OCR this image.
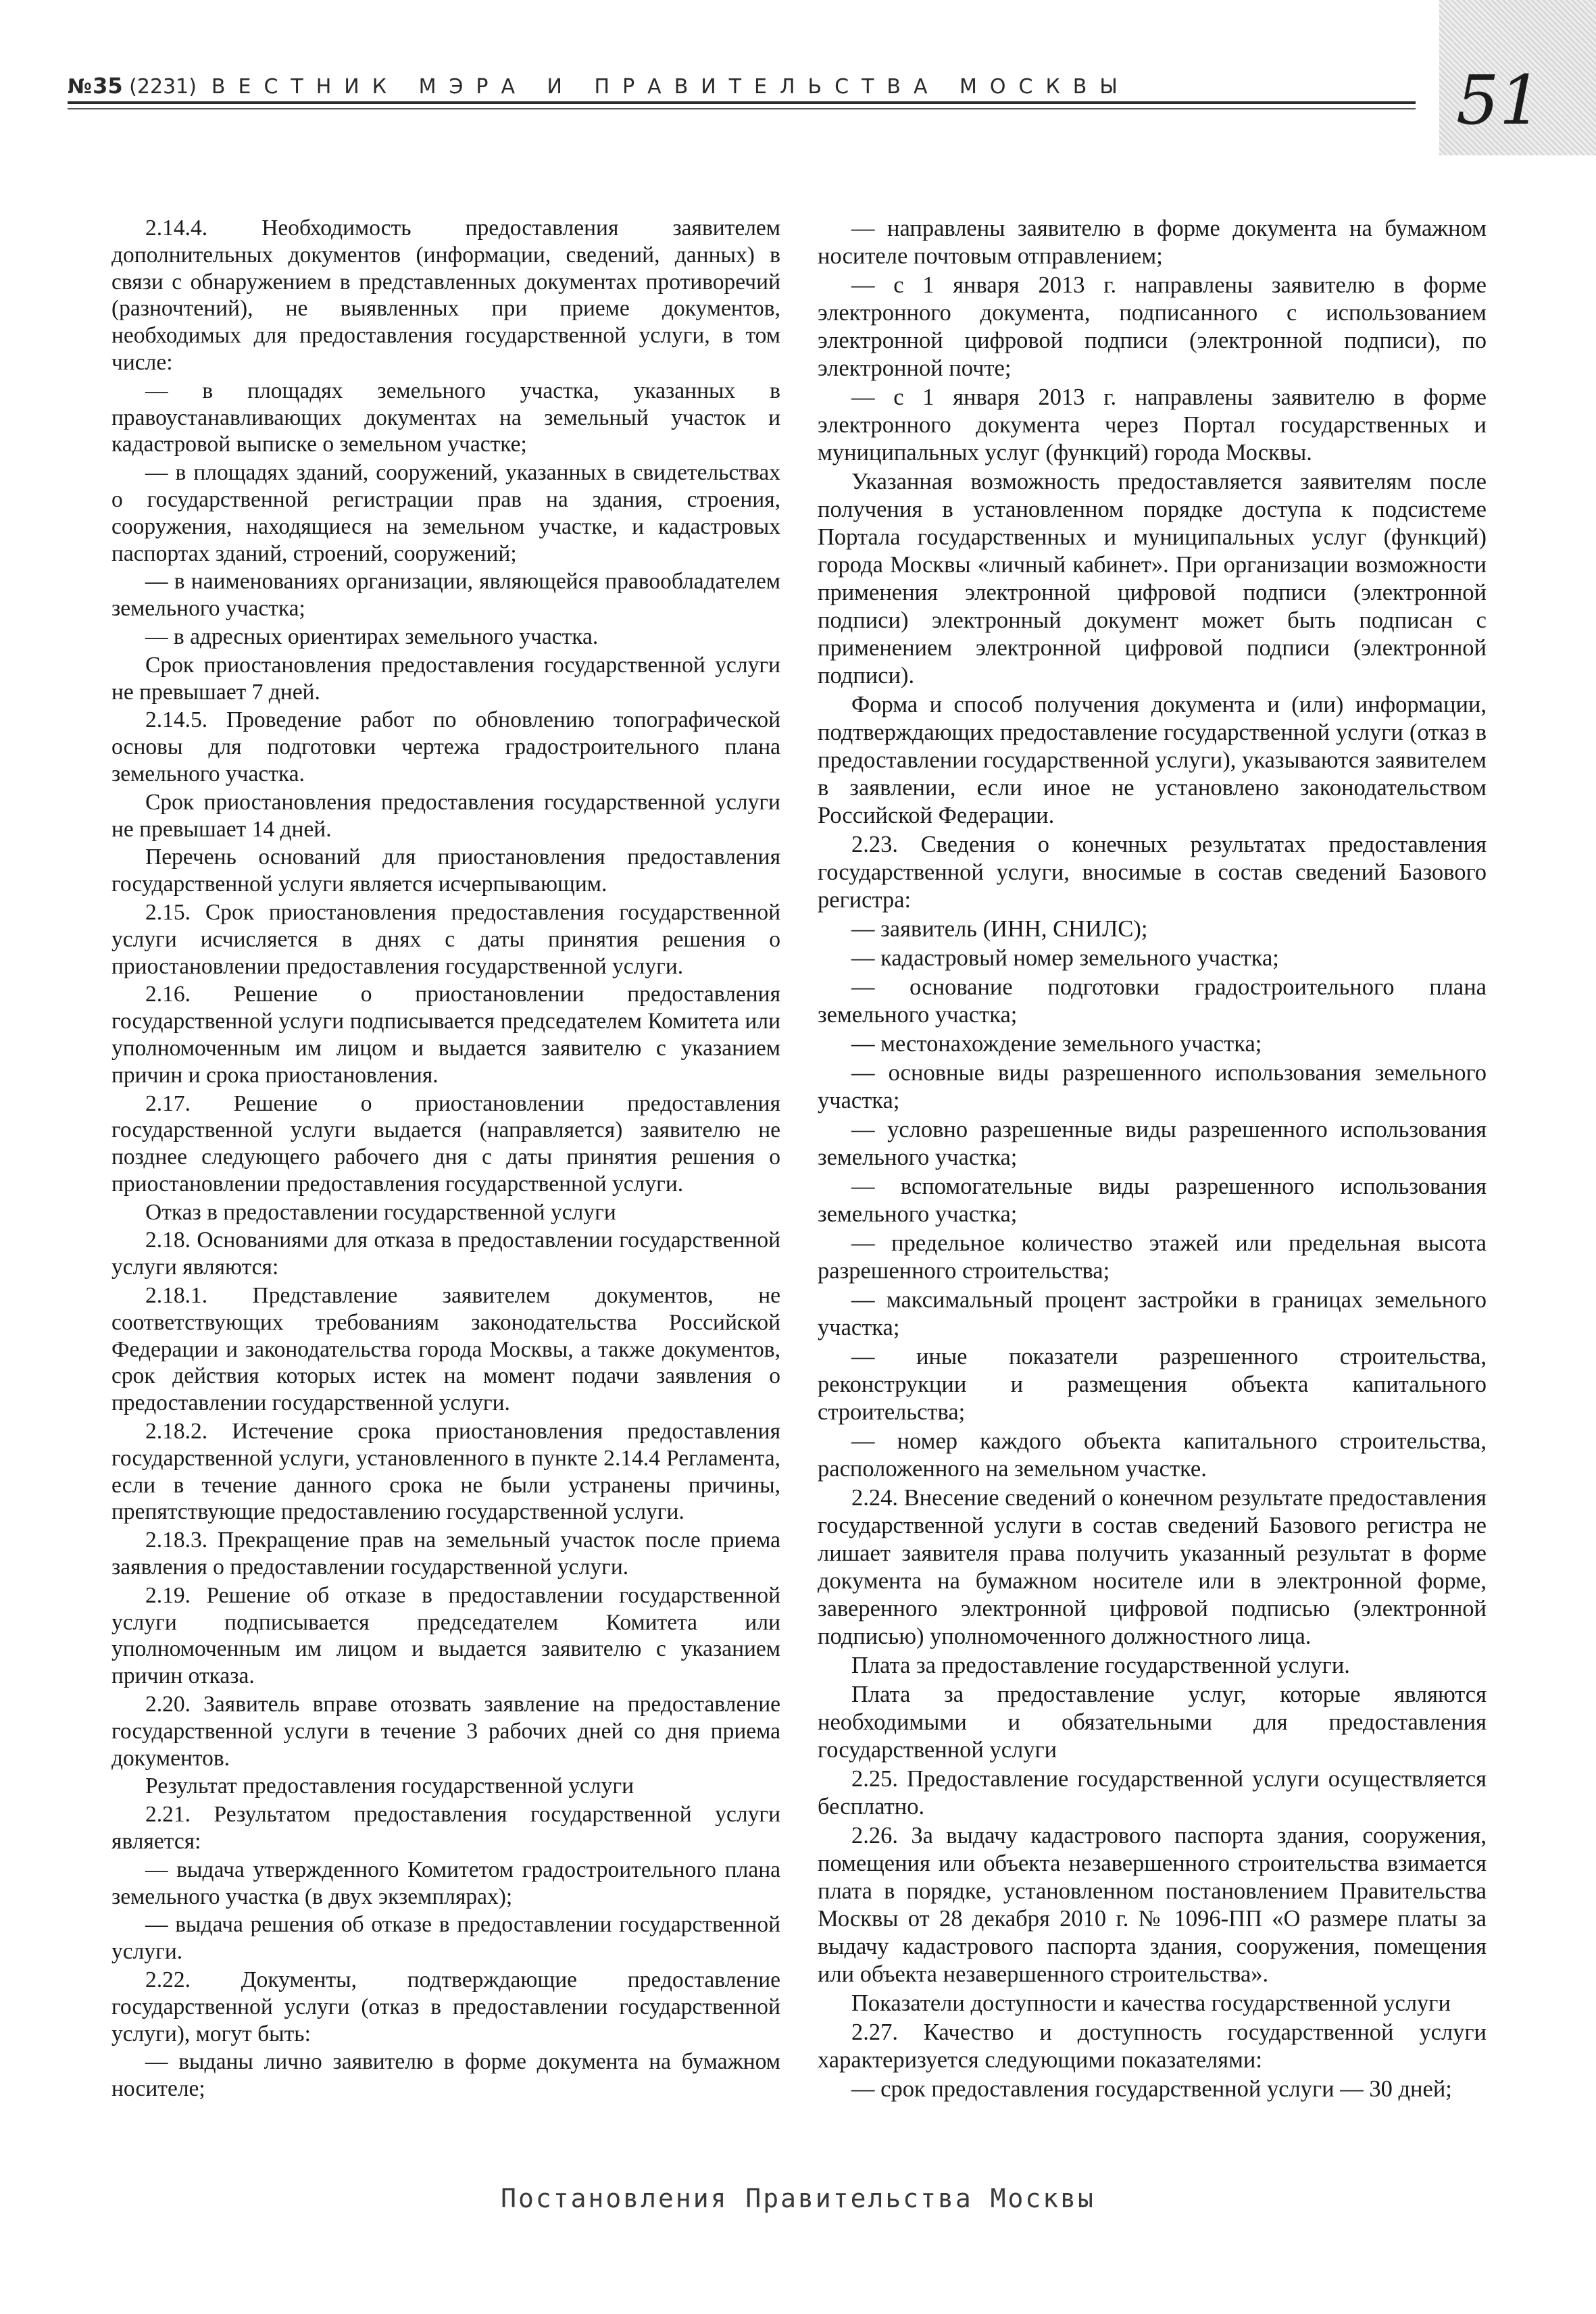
№35 (2231) ВЕСТНИК МЭРА И ПРАВИТЕЛЬСТВА МОСКВЫ	51

2.14.4. Необходимость предоставления заявителем дополнительных документов (информации, сведений, данных) в связи с обнаружением в представленных документах противоречий (разночтений), не выявленных при приеме документов, необходимых для предоставления государственной услуги, в том числе:

— в площадях земельного участка, указанных в правоустанавливающих документах на земельный участок и кадастровой выписке о земельном участке;

— в площадях зданий, сооружений, указанных в свидетельствах о государственной регистрации прав на здания, строения, сооружения, находящиеся на земельном участке, и кадастровых паспортах зданий, строений, сооружений;

— в наименованиях организации, являющейся правообладателем земельного участка;

— в адресных ориентирах земельного участка.

Срок приостановления предоставления государственной услуги не превышает 7 дней.

2.14.5. Проведение работ по обновлению топографической основы для подготовки чертежа градостроительного плана земельного участка.

Срок приостановления предоставления государственной услуги не превышает 14 дней.

Перечень оснований для приостановления предоставления государственной услуги является исчерпывающим.

2.15. Срок приостановления предоставления государственной услуги исчисляется в днях с даты принятия решения о приостановлении предоставления государственной услуги.

2.16. Решение о приостановлении предоставления государственной услуги подписывается председателем Комитета или уполномоченным им лицом и выдается заявителю с указанием причин и срока приостановления.

2.17. Решение о приостановлении предоставления государственной услуги выдается (направляется) заявителю не позднее следующего рабочего дня с даты принятия решения о приостановлении предоставления государственной услуги.

Отказ в предоставлении государственной услуги

2.18. Основаниями для отказа в предоставлении государственной услуги являются:

2.18.1. Представление заявителем документов, не соответствующих требованиям законодательства Российской Федерации и законодательства города Москвы, а также документов, срок действия которых истек на момент подачи заявления о предоставлении государственной услуги.

2.18.2. Истечение срока приостановления предоставления государственной услуги, установленного в пункте 2.14.4 Регламента, если в течение данного срока не были устранены причины, препятствующие предоставлению государственной услуги.

2.18.3. Прекращение прав на земельный участок после приема заявления о предоставлении государственной услуги.

2.19. Решение об отказе в предоставлении государственной услуги подписывается председателем Комитета или уполномоченным им лицом и выдается заявителю с указанием причин отказа.

2.20. Заявитель вправе отозвать заявление на предоставление государственной услуги в течение 3 рабочих дней со дня приема документов.

Результат предоставления государственной услуги

2.21. Результатом предоставления государственной услуги является:

— выдача утвержденного Комитетом градостроительного плана земельного участка (в двух экземплярах);

— выдача решения об отказе в предоставлении государственной услуги.

2.22. Документы, подтверждающие предоставление государственной услуги (отказ в предоставлении государственной услуги), могут быть:

— выданы лично заявителю в форме документа на бумажном носителе;

— направлены заявителю в форме документа на бумажном носителе почтовым отправлением;

— с 1 января 2013 г. направлены заявителю в форме электронного документа, подписанного с использованием электронной цифровой подписи (электронной подписи), по электронной почте;

— с 1 января 2013 г. направлены заявителю в форме электронного документа через Портал государственных и муниципальных услуг (функций) города Москвы.

Указанная возможность предоставляется заявителям после получения в установленном порядке доступа к подсистеме Портала государственных и муниципальных услуг (функций) города Москвы «личный кабинет». При организации возможности применения электронной цифровой подписи (электронной подписи) электронный документ может быть подписан с применением электронной цифровой подписи (электронной подписи).

Форма и способ получения документа и (или) информации, подтверждающих предоставление государственной услуги (отказ в предоставлении государственной услуги), указываются заявителем в заявлении, если иное не установлено законодательством Российской Федерации.

2.23. Сведения о конечных результатах предоставления государственной услуги, вносимые в состав сведений Базового регистра:

— заявитель (ИНН, СНИЛС);

— кадастровый номер земельного участка;

— основание подготовки градостроительного плана земельного участка;

— местонахождение земельного участка;

— основные виды разрешенного использования земельного участка;

— условно разрешенные виды разрешенного использования земельного участка;

— вспомогательные виды разрешенного использования земельного участка;

— предельное количество этажей или предельная высота разрешенного строительства;

— максимальный процент застройки в границах земельного участка;

— иные показатели разрешенного строительства, реконструкции и размещения объекта капитального строительства;

— номер каждого объекта капитального строительства, расположенного на земельном участке.

2.24. Внесение сведений о конечном результате предоставления государственной услуги в состав сведений Базового регистра не лишает заявителя права получить указанный результат в форме документа на бумажном носителе или в электронной форме, заверенного электронной цифровой подписью (электронной подписью) уполномоченного должностного лица.

Плата за предоставление государственной услуги.

Плата за предоставление услуг, которые являются необходимыми и обязательными для предоставления государственной услуги

2.25. Предоставление государственной услуги осуществляется бесплатно.

2.26. За выдачу кадастрового паспорта здания, сооружения, помещения или объекта незавершенного строительства взимается плата в порядке, установленном постановлением Правительства Москвы от 28 декабря 2010 г. № 1096-ПП «О размере платы за выдачу кадастрового паспорта здания, сооружения, помещения или объекта незавершенного строительства».

Показатели доступности и качества государственной услуги

2.27. Качество и доступность государственной услуги характеризуется следующими показателями:

— срок предоставления государственной услуги — 30 дней;

Постановления Правительства Москвы
